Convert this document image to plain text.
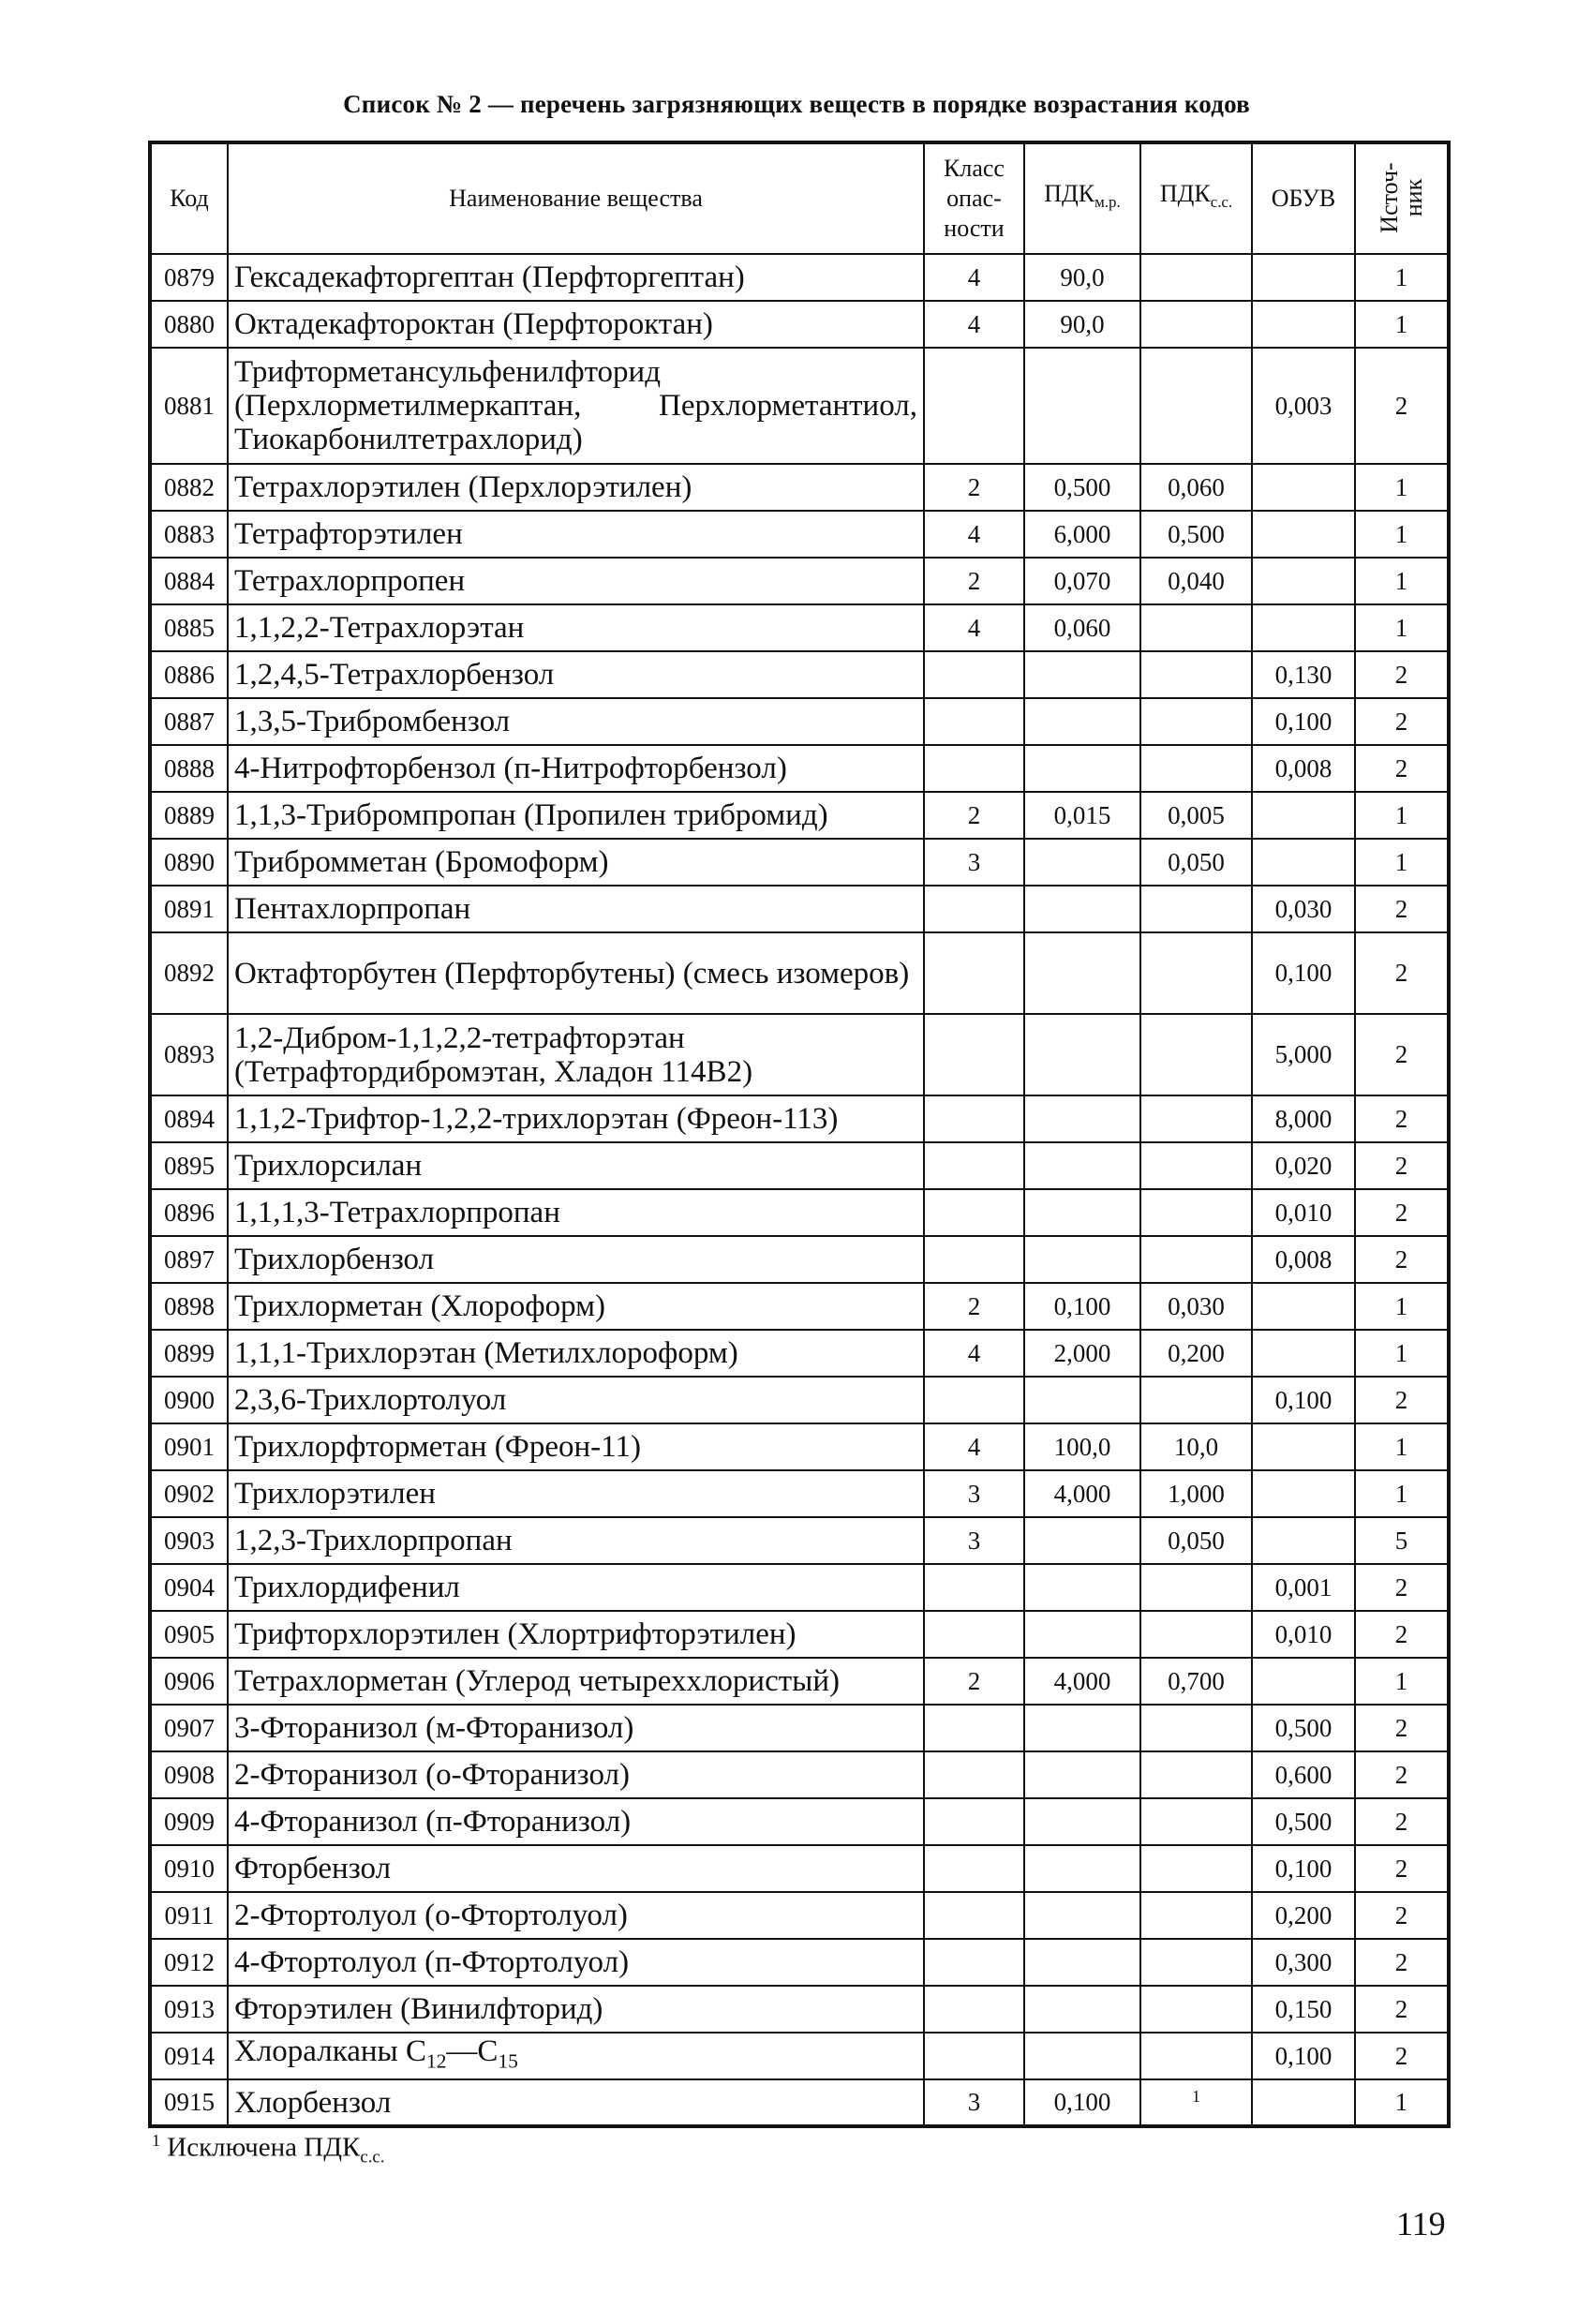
Список № 2 — перечень загрязняющих веществ в порядке возрастания кодов
Код	Наименование вещества	Класс опас- ности	$ПДК_{м.р.}$	$ПДК_{с.с.}$	ОБУВ	Источ- ник
0879	Гексадекафторгептан (Перфторгептан)	4	90,0			1
0880	Октадекафтороктан (Перфтороктан)	4	90,0			1
0881	Трифторметансульфенилфторид (Перхлорметилмеркаптан, Перхлорметантиол, Тиокарбонилтетрахлорид)				0,003	2
0882	Тетрахлорэтилен (Перхлорэтилен)	2	0,500	0,060		1
0883	Тетрафторэтилен	4	6,000	0,500		1
0884	Тетрахлорпропен	2	0,070	0,040		1
0885	1,1,2,2-Тетрахлорэтан	4	0,060			1
0886	1,2,4,5-Тетрахлорбензол				0,130	2
0887	1,3,5-Трибромбензол				0,100	2
0888	4-Нитрофторбензол (п-Нитрофторбензол)				0,008	2
0889	1,1,3-Трибромпропан (Пропилен трибромид)	2	0,015	0,005		1
0890	Трибромметан (Бромоформ)	3		0,050		1
0891	Пентахлорпропан				0,030	2
0892	Октафторбутен (Перфторбутены) (смесь изомеров)				0,100	2
0893	1,2-Дибром-1,1,2,2-тетрафторэтан (Тетрафтордибромэтан, Хладон 114В2)				5,000	2
0894	1,1,2-Трифтор-1,2,2-трихлорэтан (Фреон-113)				8,000	2
0895	Трихлорсилан				0,020	2
0896	1,1,1,3-Тетрахлорпропан				0,010	2
0897	Трихлорбензол				0,008	2
0898	Трихлорметан (Хлороформ)	2	0,100	0,030		1
0899	1,1,1-Трихлорэтан (Метилхлороформ)	4	2,000	0,200		1
0900	2,3,6-Трихлортолуол				0,100	2
0901	Трихлорфторметан (Фреон-11)	4	100,0	10,0		1
0902	Трихлорэтилен	3	4,000	1,000		1
0903	1,2,3-Трихлорпропан	3		0,050		5
0904	Трихлордифенил				0,001	2
0905	Трифторхлорэтилен (Хлортрифторэтилен)				0,010	2
0906	Тетрахлорметан (Углерод четыреххлористый)	2	4,000	0,700		1
0907	3-Фторанизол (м-Фторанизол)				0,500	2
0908	2-Фторанизол (о-Фторанизол)				0,600	2
0909	4-Фторанизол (п-Фторанизол)				0,500	2
0910	Фторбензол				0,100	2
0911	2-Фтортолуол (о-Фтортолуол)				0,200	2
0912	4-Фтортолуол (п-Фтортолуол)				0,300	2
0913	Фторэтилен (Винилфторид)				0,150	2
0914	Хлоралканы $C_{12}—C_{15}$				0,100	2
0915	Хлорбензол	3	0,100	$^1$		1
$^1$ Исключена $ПДК_{с.с.}$
119
